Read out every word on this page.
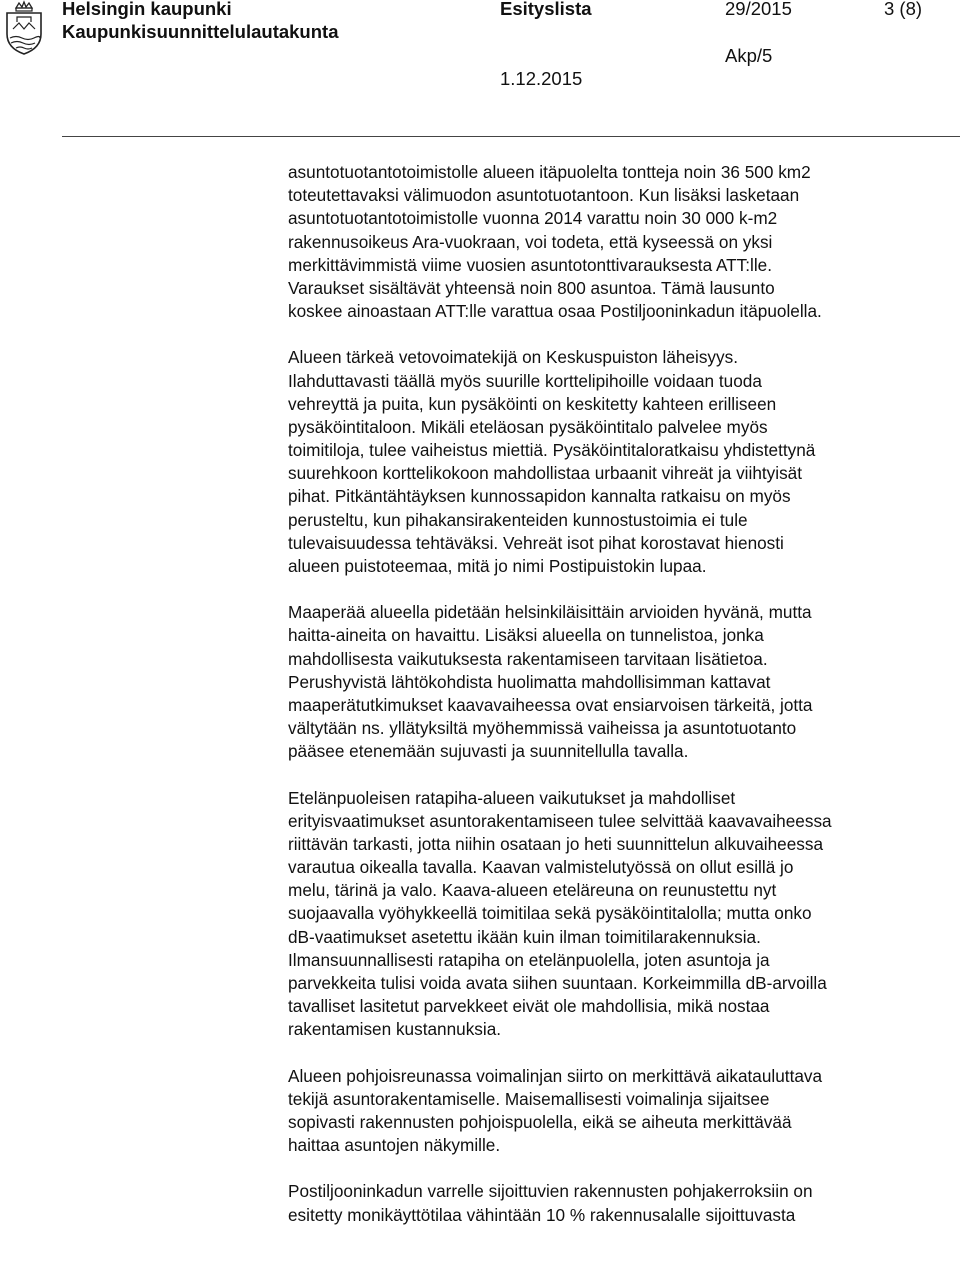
Helsingin kaupunki
Kaupunkisuunnittelulautakunta
Esityslista	29/2015	3 (8)
Akp/5
1.12.2015

asuntotuotantotoimistolle alueen itäpuolelta tontteja noin 36 500 km2
toteutettavaksi välimuodon asuntotuotantoon. Kun lisäksi lasketaan
asuntotuotantotoimistolle vuonna 2014 varattu noin 30 000 k-m2
rakennusoikeus Ara-vuokraan, voi todeta, että kyseessä on yksi
merkittävimmistä viime vuosien asuntotonttivarauksesta ATT:lle.
Varaukset sisältävät yhteensä noin 800 asuntoa. Tämä lausunto
koskee ainoastaan ATT:lle varattua osaa Postiljooninkadun itäpuolella.

Alueen tärkeä vetovoimatekijä on Keskuspuiston läheisyys.
Ilahduttavasti täällä myös suurille korttelipihoille voidaan tuoda
vehreyttä ja puita, kun pysäköinti on keskitetty kahteen erilliseen
pysäköintitaloon. Mikäli eteläosan pysäköintitalo palvelee myös
toimitiloja, tulee vaiheistus miettiä. Pysäköintitaloratkaisu yhdistettynä
suurehkoon korttelikokoon mahdollistaa urbaanit vihreät ja viihtyisät
pihat. Pitkäntähtäyksen kunnossapidon kannalta ratkaisu on myös
perusteltu, kun pihakansirakenteiden kunnostustoimia ei tule
tulevaisuudessa tehtäväksi. Vehreät isot pihat korostavat hienosti
alueen puistoteemaa, mitä jo nimi Postipuistokin lupaa.

Maaperää alueella pidetään helsinkiläisittäin arvioiden hyvänä, mutta
haitta-aineita on havaittu. Lisäksi alueella on tunnelistoa, jonka
mahdollisesta vaikutuksesta rakentamiseen tarvitaan lisätietoa.
Perushyvistä lähtökohdista huolimatta mahdollisimman kattavat
maaperätutkimukset kaavavaiheessa ovat ensiarvoisen tärkeitä, jotta
vältytään ns. yllätyksiltä myöhemmissä vaiheissa ja asuntotuotanto
pääsee etenemään sujuvasti ja suunnitellulla tavalla.

Etelänpuoleisen ratapiha-alueen vaikutukset ja mahdolliset
erityisvaatimukset asuntorakentamiseen tulee selvittää kaavavaiheessa
riittävän tarkasti, jotta niihin osataan jo heti suunnittelun alkuvaiheessa
varautua oikealla tavalla. Kaavan valmistelutyössä on ollut esillä jo
melu, tärinä ja valo. Kaava-alueen eteläreuna on reunustettu nyt
suojaavalla vyöhykkeellä toimitilaa sekä pysäköintitalolla; mutta onko
dB-vaatimukset asetettu ikään kuin ilman toimitilarakennuksia.
Ilmansuunnallisesti ratapiha on etelänpuolella, joten asuntoja ja
parvekkeita tulisi voida avata siihen suuntaan. Korkeimmilla dB-arvoilla
tavalliset lasitetut parvekkeet eivät ole mahdollisia, mikä nostaa
rakentamisen kustannuksia.

Alueen pohjoisreunassa voimalinjan siirto on merkittävä aikatauluttava
tekijä asuntorakentamiselle. Maisemallisesti voimalinja sijaitsee
sopivasti rakennusten pohjoispuolella, eikä se aiheuta merkittävää
haittaa asuntojen näkymille.

Postiljooninkadun varrelle sijoittuvien rakennusten pohjakerroksiin on
esitetty monikäyttötilaa vähintään 10 % rakennusalalle sijoittuvasta
